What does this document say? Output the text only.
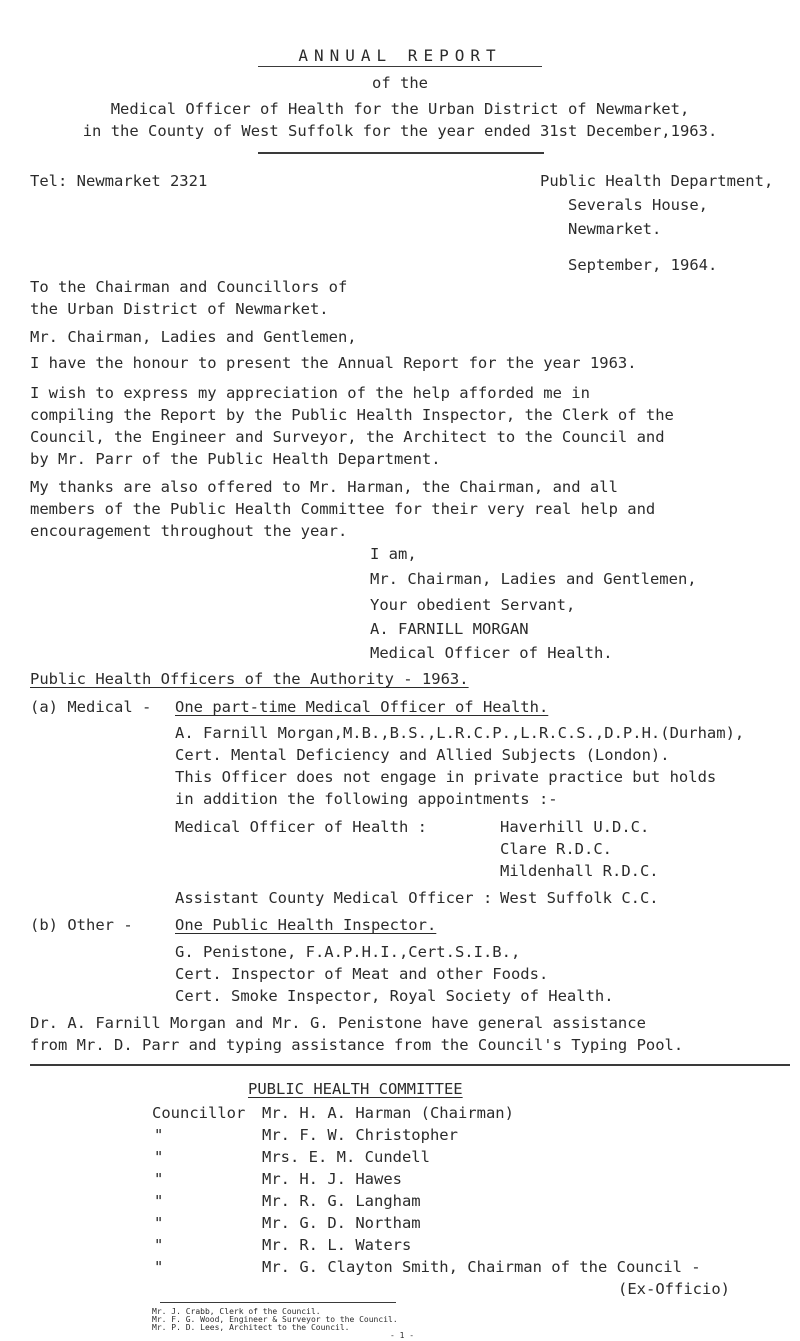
ANNUAL REPORT
of the
Medical Officer of Health for the Urban District of Newmarket,
in the County of West Suffolk for the year ended 31st December,1963.
Tel: Newmarket 2321	Public Health Department,
Severals House,
Newmarket.
September, 1964.
To the Chairman and Councillors of
the Urban District of Newmarket.
Mr. Chairman, Ladies and Gentlemen,
I have the honour to present the Annual Report for the year 1963.
I wish to express my appreciation of the help afforded me in
compiling the Report by the Public Health Inspector, the Clerk of the
Council, the Engineer and Surveyor, the Architect to the Council and
by Mr. Parr of the Public Health Department.
My thanks are also offered to Mr. Harman, the Chairman, and all
members of the Public Health Committee for their very real help and
encouragement throughout the year.
I am,
Mr. Chairman, Ladies and Gentlemen,
Your obedient Servant,
A. FARNILL MORGAN
Medical Officer of Health.
Public Health Officers of the Authority - 1963.
(a) Medical - One part-time Medical Officer of Health.
A. Farnill Morgan,M.B.,B.S.,L.R.C.P.,L.R.C.S.,D.P.H.(Durham),
Cert. Mental Deficiency and Allied Subjects (London).
This Officer does not engage in private practice but holds
in addition the following appointments :-
Medical Officer of Health :	Haverhill U.D.C.
Clare R.D.C.
Mildenhall R.D.C.
Assistant County Medical Officer : West Suffolk C.C.
(b) Other -	One Public Health Inspector.
G. Penistone, F.A.P.H.I.,Cert.S.I.B.,
Cert. Inspector of Meat and other Foods.
Cert. Smoke Inspector, Royal Society of Health.
Dr. A. Farnill Morgan and Mr. G. Penistone have general assistance
from Mr. D. Parr and typing assistance from the Council's Typing Pool.
PUBLIC HEALTH COMMITTEE
Councillor Mr. H. A. Harman (Chairman)
"	Mr. F. W. Christopher
"	Mrs. E. M. Cundell
"	Mr. H. J. Hawes
"	Mr. R. G. Langham
"	Mr. G. D. Northam
"	Mr. R. L. Waters
"	Mr. G. Clayton Smith, Chairman of the Council -
(Ex-Officio)
Mr. J. Crabb, Clerk of the Council.
Mr. F. G. Wood, Engineer & Surveyor to the Council.
Mr. P. D. Lees, Architect to the Council.
- 1 -
